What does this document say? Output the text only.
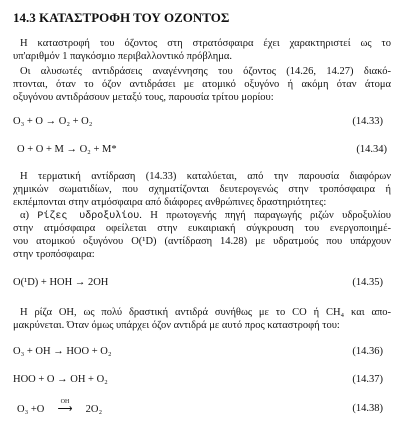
14.3 ΚΑΤΑΣΤΡΟΦΗ ΤΟΥ ΟΖΟΝΤΟΣ
Η καταστροφή του όζοντος στη στρατόσφαιρα έχει χαρακτηριστεί ως το
υπ'αριθμόν 1 παγκόσμιο περιβαλλοντικό πρόβλημα.
Οι αλυσωτές αντιδράσεις αναγέννησης του όζοντος (14.26, 14.27) διακό-
πτονται, όταν το όζον αντιδράσει με ατομικό οξυγόνο ή ακόμη όταν άτομα
οξυγόνου αντιδράσουν μεταξύ τους, παρουσία τρίτου μορίου:
O₃ + O → O₂ + O₂	(14.33)
O + O + M → O₂ + M*	(14.34)
Η τερματική αντίδραση (14.33) καταλύεται, από την παρουσία διαφόρων
χημικών σωματιδίων, που σχηματίζονται δευτερογενώς στην τροπόσφαιρα ή
εκπέμπονται στην ατμόσφαιρα από διάφορες ανθρώπινες δραστηριότητες:
α) Ρίζες υδροξυλίου. Η πρωτογενής πηγή παραγωγής ριζών υδροξυλίου
στην ατμόσφαιρα οφείλεται στην ευκαιριακή σύγκρουση του ενεργοποιημέ-
νου ατομικού οξυγόνου O(¹D) (αντίδραση 14.28) με υδρατμούς που υπάρχουν
στην τροπόσφαιρα:
O(¹D) + HOH → 2OH	(14.35)
Η ρίζα OH, ως πολύ δραστική αντιδρά συνήθως με το CO ή CH₄ και απο-
μακρύνεται. Όταν όμως υπάρχει όζον αντιδρά με αυτό προς καταστροφή του:
O₃ + OH → HOO + O₂	(14.36)
HOO + O → OH + O₂	(14.37)
O₃ +O
OH
⟶ 2O₂	(14.38)
